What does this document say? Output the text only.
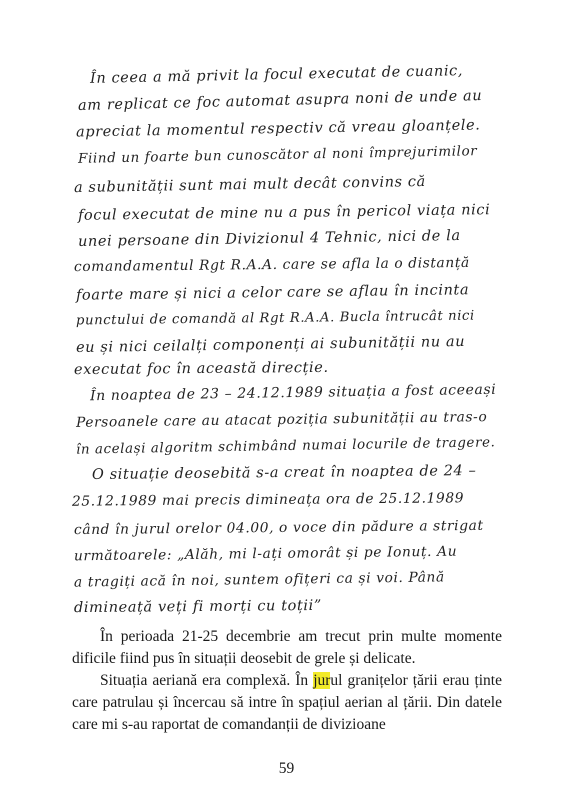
În ceea a mă privit la focul executat de cuanic,
am replicat ce foc automat asupra noni de unde au
apreciat la momentul respectiv că vreau gloanțele.
Fiind un foarte bun cunoscător al noni împrejurimilor
a subunității sunt mai mult decât convins că
focul executat de mine nu a pus în pericol viața nici
unei persoane din Divizionul 4 Tehnic, nici de la
comandamentul Rgt R.A.A. care se afla la o distanță
foarte mare și nici a celor care se aflau în incinta
punctului de comandă al Rgt R.A.A. Bucla întrucât nici
eu și nici ceilalți componenți ai subunității nu au
executat foc în această direcție.
În noaptea de 23 – 24.12.1989 situația a fost aceeași
Persoanele care au atacat poziția subunității au tras-o
în același algoritm schimbând numai locurile de tragere.
O situație deosebită s-a creat în noaptea de 24 –
25.12.1989 mai precis dimineața ora de 25.12.1989
când în jurul orelor 04.00, o voce din pădure a strigat
următoarele: „Alăh, mi l-ați omorât și pe Ionuț. Au
a tragiți acă în noi, suntem ofițeri ca și voi. Până
dimineață veți fi morți cu toții”

În perioada 21-25 decembrie am trecut prin multe momente dificile fiind pus în situații deosebit de grele și delicate.

Situația aeriană era complexă. În jurul granițelor țării erau ținte care patrulau și încercau să intre în spațiul aerian al țării. Din datele care mi s-au raportat de comandanții de divizioane

59
